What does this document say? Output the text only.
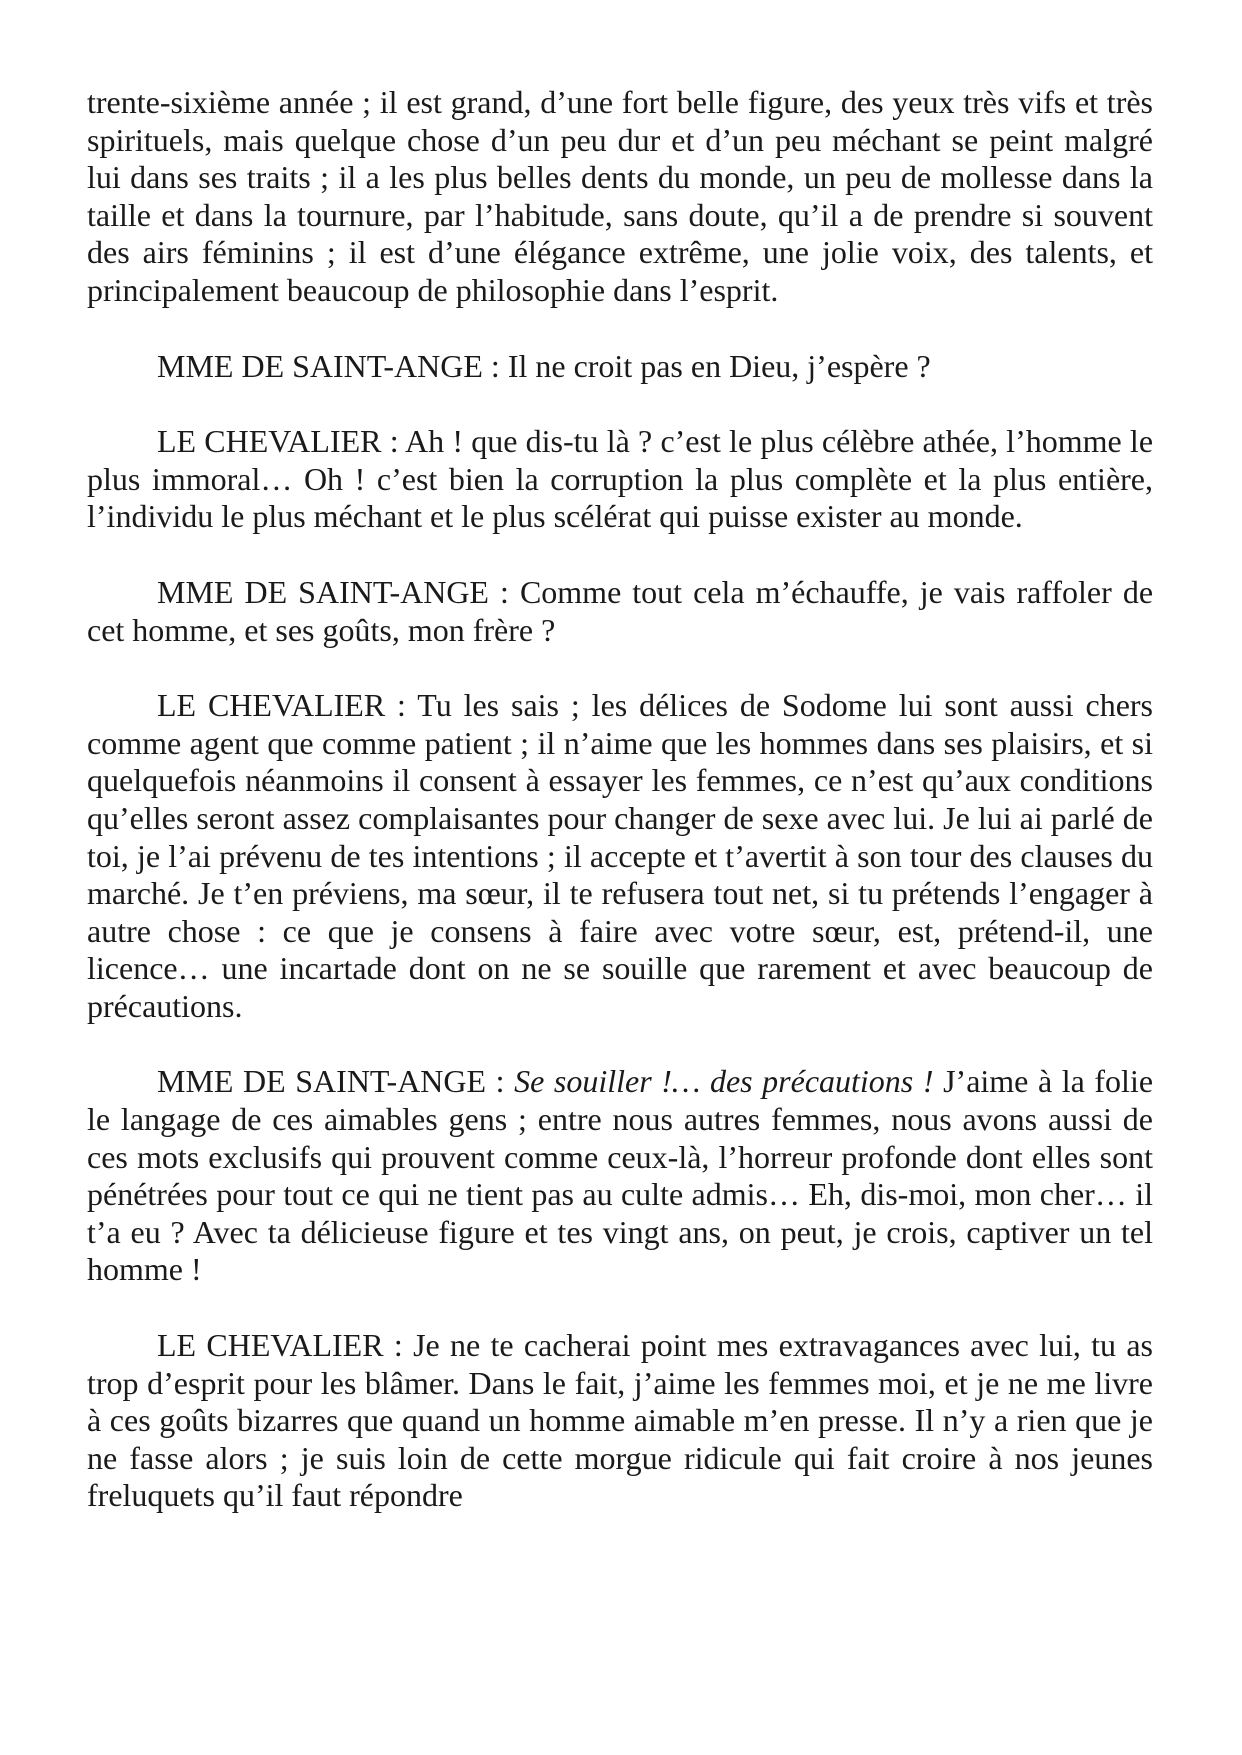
trente-sixième année ; il est grand, d’une fort belle figure, des yeux très vifs et très spirituels, mais quelque chose d’un peu dur et d’un peu méchant se peint malgré lui dans ses traits ; il a les plus belles dents du monde, un peu de mollesse dans la taille et dans la tournure, par l’habitude, sans doute, qu’il a de prendre si souvent des airs féminins ; il est d’une élégance extrême, une jolie voix, des talents, et principalement beaucoup de philosophie dans l’esprit.

MME DE SAINT-ANGE : Il ne croit pas en Dieu, j’espère ?

LE CHEVALIER : Ah ! que dis-tu là ? c’est le plus célèbre athée, l’homme le plus immoral… Oh ! c’est bien la corruption la plus complète et la plus entière, l’individu le plus méchant et le plus scélérat qui puisse exister au monde.

MME DE SAINT-ANGE : Comme tout cela m’échauffe, je vais raffoler de cet homme, et ses goûts, mon frère ?

LE CHEVALIER : Tu les sais ; les délices de Sodome lui sont aussi chers comme agent que comme patient ; il n’aime que les hommes dans ses plaisirs, et si quelquefois néanmoins il consent à essayer les femmes, ce n’est qu’aux conditions qu’elles seront assez complaisantes pour changer de sexe avec lui. Je lui ai parlé de toi, je l’ai prévenu de tes intentions ; il accepte et t’avertit à son tour des clauses du marché. Je t’en préviens, ma sœur, il te refusera tout net, si tu prétends l’engager à autre chose : ce que je consens à faire avec votre sœur, est, prétend-il, une licence… une incartade dont on ne se souille que rarement et avec beaucoup de précautions.

MME DE SAINT-ANGE : Se souiller !… des précautions ! J’aime à la folie le langage de ces aimables gens ; entre nous autres femmes, nous avons aussi de ces mots exclusifs qui prouvent comme ceux-là, l’horreur profonde dont elles sont pénétrées pour tout ce qui ne tient pas au culte admis… Eh, dis-moi, mon cher… il t’a eu ? Avec ta délicieuse figure et tes vingt ans, on peut, je crois, captiver un tel homme !

LE CHEVALIER : Je ne te cacherai point mes extravagances avec lui, tu as trop d’esprit pour les blâmer. Dans le fait, j’aime les femmes moi, et je ne me livre à ces goûts bizarres que quand un homme aimable m’en presse. Il n’y a rien que je ne fasse alors ; je suis loin de cette morgue ridicule qui fait croire à nos jeunes freluquets qu’il faut répondre
